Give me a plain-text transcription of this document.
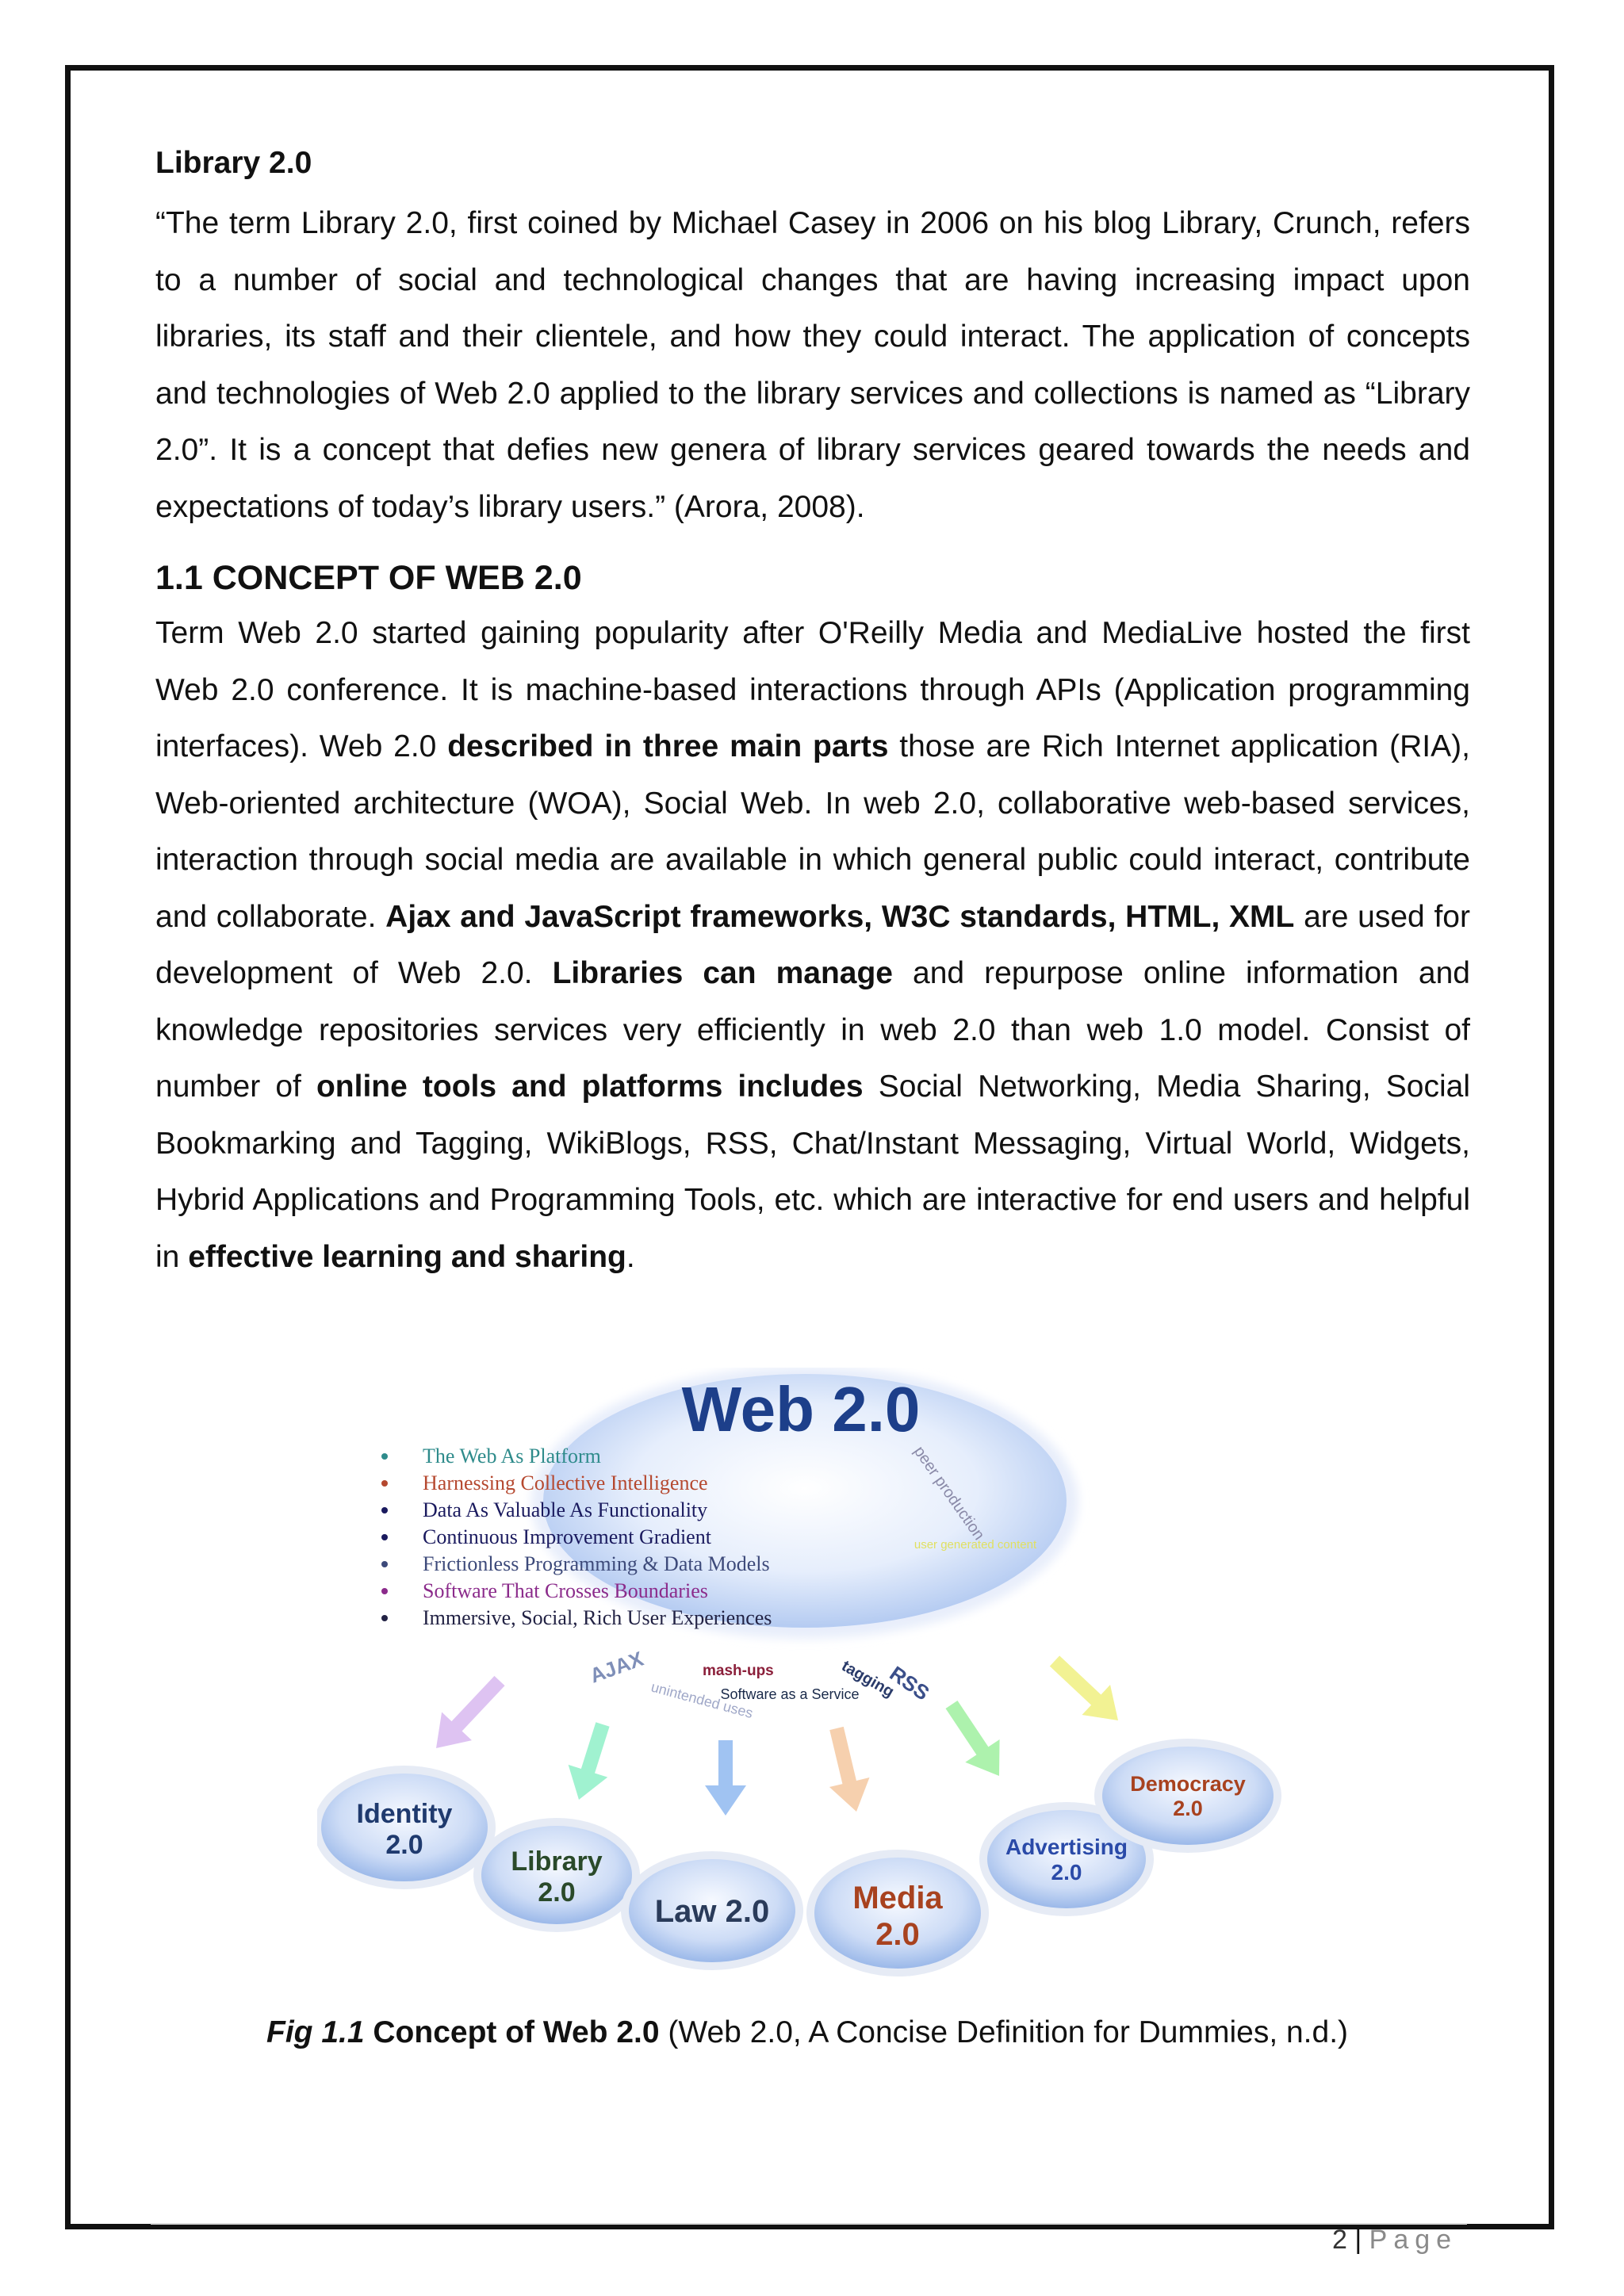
Library 2.0

“The term Library 2.0, first coined by Michael Casey in 2006 on his blog Library, Crunch, refers to a number of social and technological changes that are having increasing impact upon libraries, its staff and their clientele, and how they could interact. The application of concepts and technologies of Web 2.0 applied to the library services and collections is named as “Library 2.0”. It is a concept that defies new genera of library services geared towards the needs and expectations of today’s library users.” (Arora, 2008).

1.1 CONCEPT OF WEB 2.0

Term Web 2.0 started gaining popularity after O'Reilly Media and MediaLive hosted the first Web 2.0 conference. It is machine-based interactions through APIs (Application programming interfaces). Web 2.0 described in three main parts those are Rich Internet application (RIA), Web-oriented architecture (WOA), Social Web. In web 2.0, collaborative web-based services, interaction through social media are available in which general public could interact, contribute and collaborate. Ajax and JavaScript frameworks, W3C standards, HTML, XML are used for development of Web 2.0. Libraries can manage and repurpose online information and knowledge repositories services very efficiently in web 2.0 than web 1.0 model. Consist of number of online tools and platforms includes Social Networking, Media Sharing, Social Bookmarking and Tagging, WikiBlogs, RSS, Chat/Instant Messaging, Virtual World, Widgets, Hybrid Applications and Programming Tools, etc. which are interactive for end users and helpful in effective learning and sharing.

Web 2.0
The Web As Platform
Harnessing Collective Intelligence
Data As Valuable As Functionality
Continuous Improvement Gradient
Frictionless Programming & Data Models
Software That Crosses Boundaries
Immersive, Social, Rich User Experiences
peer production
user generated content
AJAX	mash-ups	tagging
RSS
unintended uses
Software as a Service
Identity
2.0
Library
2.0
Law 2.0	Media
2.0
Advertising
2.0
Democracy
2.0
Fig 1.1 Concept of Web 2.0 (Web 2.0, A Concise Definition for Dummies, n.d.)
2 | Page
